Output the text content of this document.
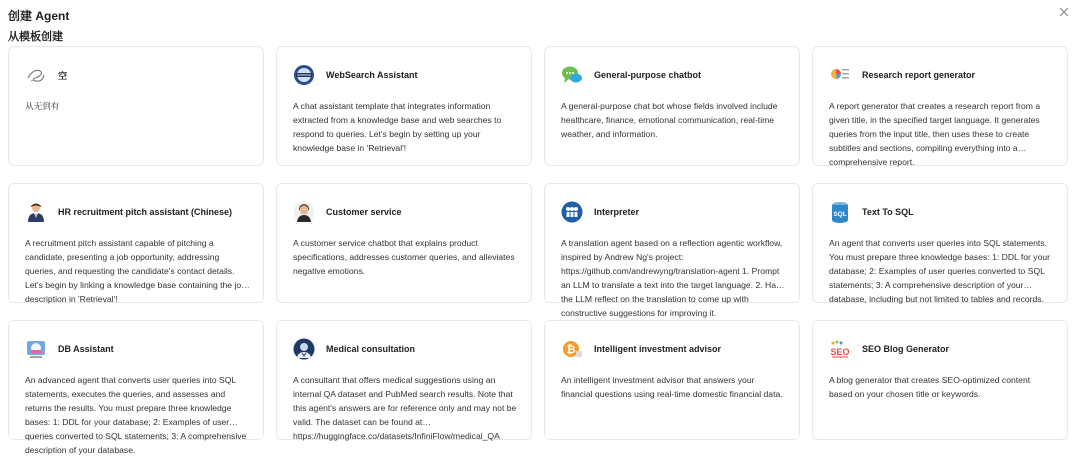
创建 Agent
从模板创建
空
从无到有
WebSearch Assistant
A chat assistant template that integrates information extracted from a knowledge base and web searches to respond to queries. Let's begin by setting up your knowledge base in 'Retrieval'!
General-purpose chatbot
A general-purpose chat bot whose fields involved include healthcare, finance, emotional communication, real-time weather, and information.
Research report generator
A report generator that creates a research report from a given title, in the specified target language. It generates queries from the input title, then uses these to create subtitles and sections, compiling everything into a comprehensive report.
HR recruitment pitch assistant (Chinese)
A recruitment pitch assistant capable of pitching a candidate, presenting a job opportunity, addressing queries, and requesting the candidate's contact details. Let's begin by linking a knowledge base containing the job description in 'Retrieval'!
Customer service
A customer service chatbot that explains product specifications, addresses customer queries, and alleviates negative emotions.
Interpreter
A translation agent based on a reflection agentic workflow, inspired by Andrew Ng's project: https://github.com/andrewyng/translation-agent 1. Prompt an LLM to translate a text into the target language. 2. Have the LLM reflect on the translation to come up with constructive suggestions for improving it.
SQL Text To SQL
An agent that converts user queries into SQL statements. You must prepare three knowledge bases: 1: DDL for your database; 2: Examples of user queries converted to SQL statements; 3: A comprehensive description of your database, including but not limited to tables and records.
DB Assistant
An advanced agent that converts user queries into SQL statements, executes the queries, and assesses and returns the results. You must prepare three knowledge bases: 1: DDL for your database; 2: Examples of user queries converted to SQL statements; 3: A comprehensive description of your database.
Medical consultation
A consultant that offers medical suggestions using an internal QA dataset and PubMed search results. Note that this agent's answers are for reference only and may not be valid. The dataset can be found at https://huggingface.co/datasets/InfiniFlow/medical_QA
₿ Intelligent investment advisor
An intelligent investment advisor that answers your financial questions using real-time domestic financial data.
SEO SEO Blog Generator
A blog generator that creates SEO-optimized content based on your chosen title or keywords.
